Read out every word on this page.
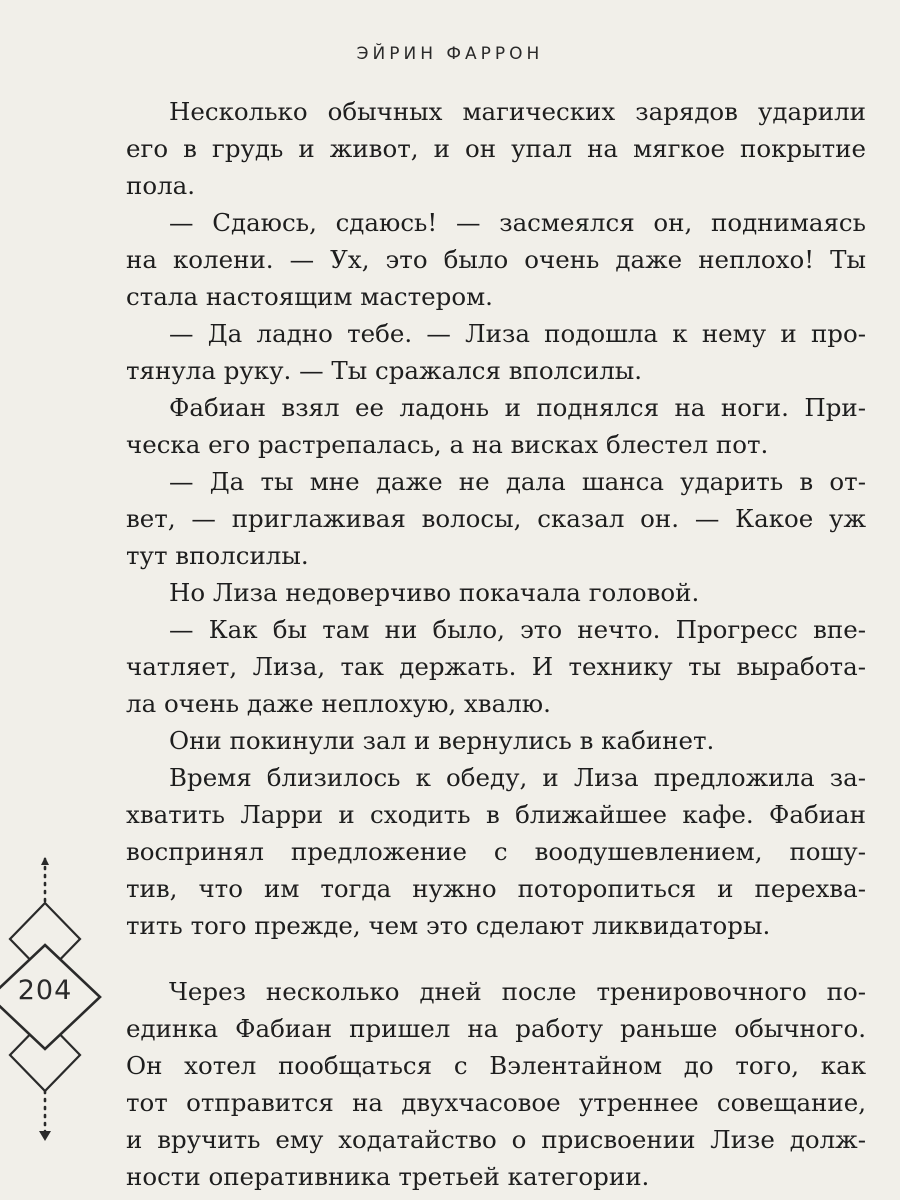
ЭЙРИН ФАРРОН
Несколько обычных магических зарядов ударили
его в грудь и живот, и он упал на мягкое покрытие
пола.
— Сдаюсь, сдаюсь! — засмеялся он, поднимаясь
на колени. — Ух, это было очень даже неплохо! Ты
стала настоящим мастером.
— Да ладно тебе. — Лиза подошла к нему и про-
тянула руку. — Ты сражался вполсилы.
Фабиан взял ее ладонь и поднялся на ноги. При-
ческа его растрепалась, а на висках блестел пот.
— Да ты мне даже не дала шанса ударить в от-
вет, — приглаживая волосы, сказал он. — Какое уж
тут вполсилы.
Но Лиза недоверчиво покачала головой.
— Как бы там ни было, это нечто. Прогресс впе-
чатляет, Лиза, так держать. И технику ты выработа-
ла очень даже неплохую, хвалю.
Они покинули зал и вернулись в кабинет.
Время близилось к обеду, и Лиза предложила за-
хватить Ларри и сходить в ближайшее кафе. Фабиан
воспринял предложение с воодушевлением, пошу-
тив, что им тогда нужно поторопиться и перехва-
тить того прежде, чем это сделают ликвидаторы.
Через несколько дней после тренировочного по-
единка Фабиан пришел на работу раньше обычного.
Он хотел пообщаться с Вэлентайном до того, как
тот отправится на двухчасовое утреннее совещание,
и вручить ему ходатайство о присвоении Лизе долж-
ности оперативника третьей категории.
204
